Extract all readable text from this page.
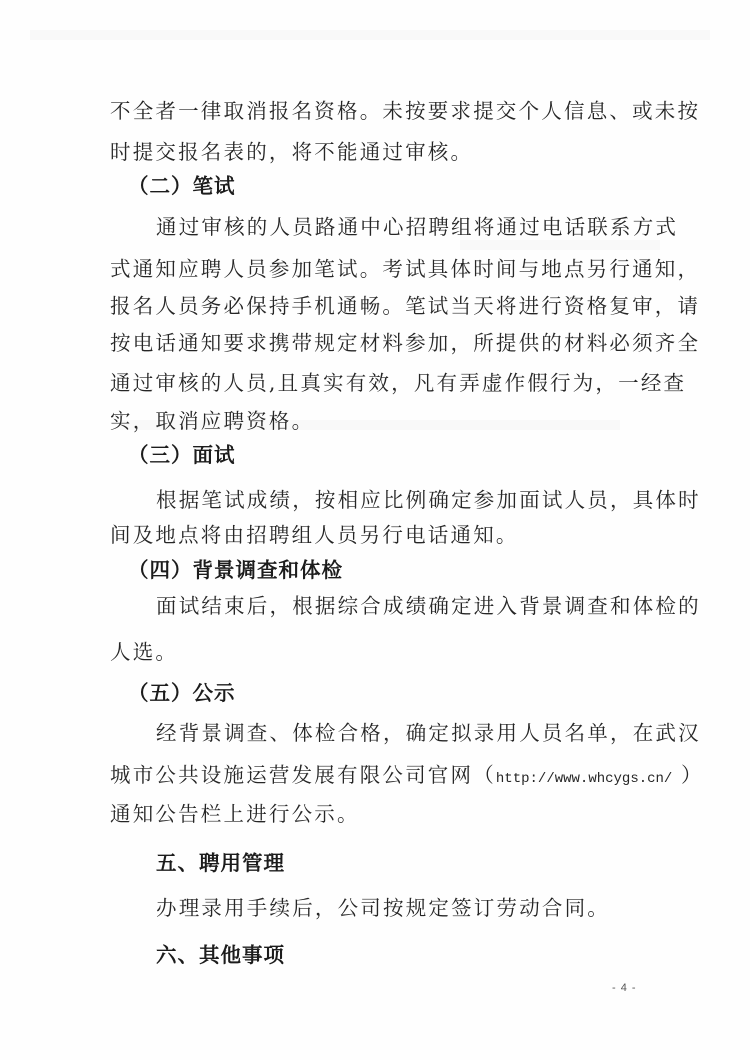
不全者一律取消报名资格。未按要求提交个人信息、或未按
时提交报名表的，将不能通过审核。
（二）笔试
通过审核的人员路通中心招聘组将通过电话联系方式
式通知应聘人员参加笔试。考试具体时间与地点另行通知，
报名人员务必保持手机通畅。笔试当天将进行资格复审，请
按电话通知要求携带规定材料参加，所提供的材料必须齐全
通过审核的人员,且真实有效，凡有弄虚作假行为，一经查
实，取消应聘资格。
（三）面试
根据笔试成绩，按相应比例确定参加面试人员，具体时
间及地点将由招聘组人员另行电话通知。
（四）背景调查和体检
面试结束后，根据综合成绩确定进入背景调查和体检的
人选。
（五）公示
经背景调查、体检合格，确定拟录用人员名单，在武汉
城市公共设施运营发展有限公司官网（http://www.whcygs.cn/ ）
通知公告栏上进行公示。
五、聘用管理
办理录用手续后，公司按规定签订劳动合同。
六、其他事项
- 4 -
